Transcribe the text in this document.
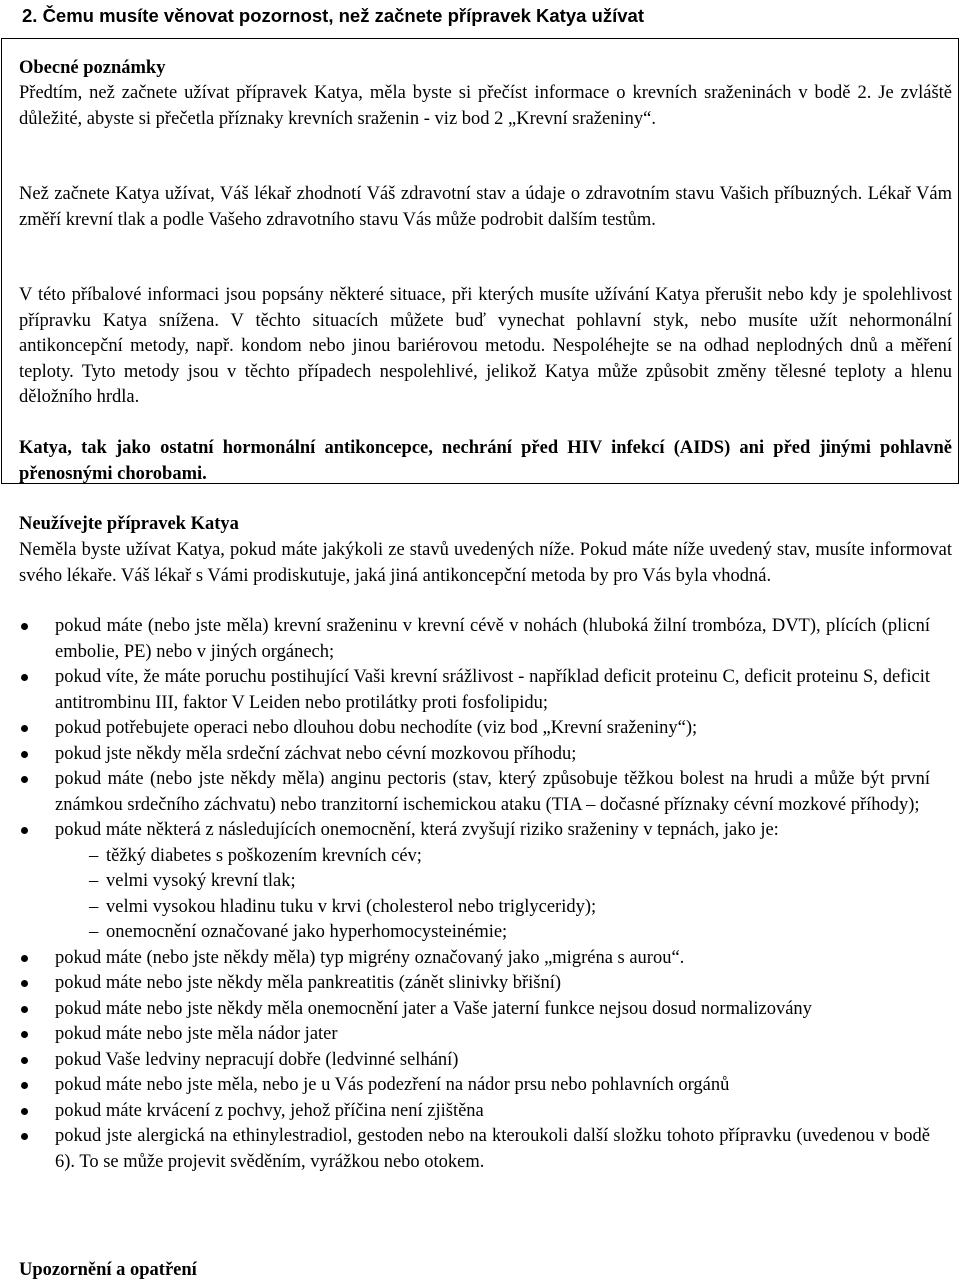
2. Čemu musíte věnovat pozornost, než začnete přípravek Katya užívat
Obecné poznámky
Předtím, než začnete užívat přípravek Katya, měla byste si přečíst informace o krevních sraženinách v bodě 2. Je zvláště důležité, abyste si přečetla příznaky krevních sraženin - viz bod 2 „Krevní sraženiny“.
Než začnete Katya užívat, Váš lékař zhodnotí Váš zdravotní stav a údaje o zdravotním stavu Vašich příbuzných. Lékař Vám změří krevní tlak a podle Vašeho zdravotního stavu Vás může podrobit dalším testům.
V této příbalové informaci jsou popsány některé situace, při kterých musíte užívání Katya přerušit nebo kdy je spolehlivost přípravku Katya snížena. V těchto situacích můžete buď vynechat pohlavní styk, nebo musíte užít nehormonální antikoncepční metody, např. kondom nebo jinou bariérovou metodu. Nespoléhejte se na odhad neplodných dnů a měření teploty. Tyto metody jsou v těchto případech nespolehlivé, jelikož Katya může způsobit změny tělesné teploty a hlenu děložního hrdla.
Katya, tak jako ostatní hormonální antikoncepce, nechrání před HIV infekcí (AIDS) ani před jinými pohlavně přenosnými chorobami.
Neužívejte přípravek Katya
Neměla byste užívat Katya, pokud máte jakýkoli ze stavů uvedených níže. Pokud máte níže uvedený stav, musíte informovat svého lékaře. Váš lékař s Vámi prodiskutuje, jaká jiná antikoncepční metoda by pro Vás byla vhodná.
pokud máte (nebo jste měla) krevní sraženinu v krevní cévě v nohách (hluboká žilní trombóza, DVT), plících (plicní embolie, PE) nebo v jiných orgánech;
pokud víte, že máte poruchu postihující Vaši krevní srážlivost - například deficit proteinu C, deficit proteinu S, deficit antitrombinu III, faktor V Leiden nebo protilátky proti fosfolipidu;
pokud potřebujete operaci nebo dlouhou dobu nechodíte (viz bod „Krevní sraženiny“);
pokud jste někdy měla srdeční záchvat nebo cévní mozkovou příhodu;
pokud máte (nebo jste někdy měla) anginu pectoris (stav, který způsobuje těžkou bolest na hrudi a může být první známkou srdečního záchvatu) nebo tranzitorní ischemickou ataku (TIA – dočasné příznaky cévní mozkové příhody);
pokud máte některá z následujících onemocnění, která zvyšují riziko sraženiny v tepnách, jako je:
– těžký diabetes s poškozením krevních cév;
– velmi vysoký krevní tlak;
– velmi vysokou hladinu tuku v krvi (cholesterol nebo triglyceridy);
– onemocnění označované jako hyperhomocysteinémie;
pokud máte (nebo jste někdy měla) typ migrény označovaný jako „migréna s aurou“.
pokud máte nebo jste někdy měla pankreatitis (zánět slinivky břišní)
pokud máte nebo jste někdy měla onemocnění jater a Vaše jaterní funkce nejsou dosud normalizovány
pokud máte nebo jste měla nádor jater
pokud Vaše ledviny nepracují dobře (ledvinné selhání)
pokud máte nebo jste měla, nebo je u Vás podezření na nádor prsu nebo pohlavních orgánů
pokud máte krvácení z pochvy, jehož příčina není zjištěna
pokud jste alergická na ethinylestradiol, gestoden nebo na kteroukoli další složku tohoto přípravku (uvedenou v bodě 6). To se může projevit svěděním, vyrážkou nebo otokem.
Upozornění a opatření
